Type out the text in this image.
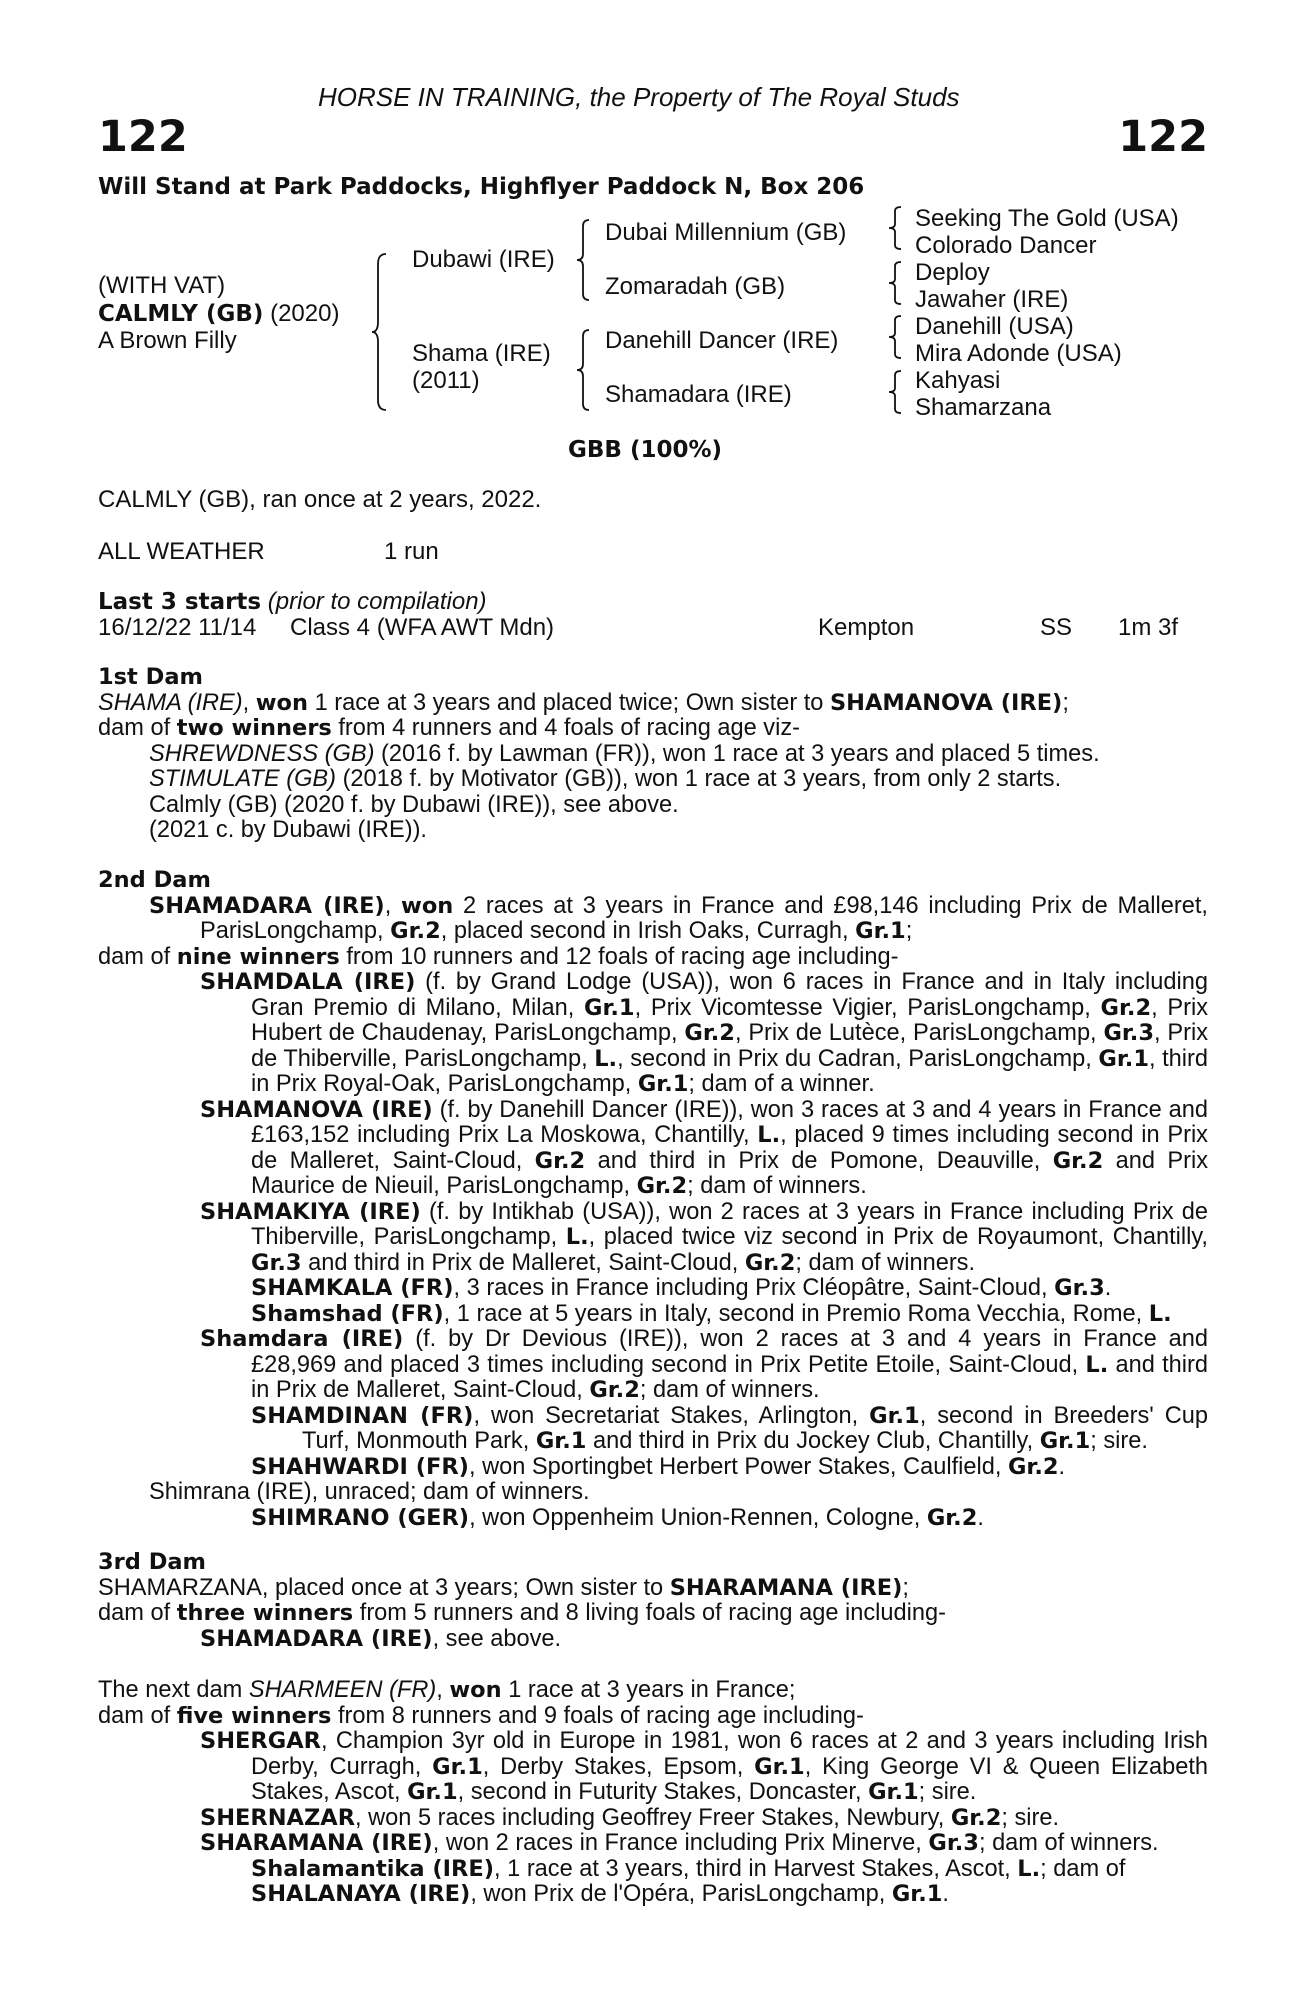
122	122
HORSE IN TRAINING, the Property of The Royal Studs
Will Stand at Park Paddocks, Highflyer Paddock N, Box 206
(WITH VAT)
CALMLY (GB) (2020)
A Brown Filly
Dubawi (IRE)
Shama (IRE)
(2011)
Dubai Millennium (GB)
Zomaradah (GB)
Danehill Dancer (IRE)
Shamadara (IRE)
Seeking The Gold (USA)
Colorado Dancer
Deploy
Jawaher (IRE)
Danehill (USA)
Mira Adonde (USA)
Kahyasi
Shamarzana
GBB (100%)
CALMLY (GB), ran once at 2 years, 2022.
ALL WEATHER	1 run
Last 3 starts (prior to compilation)
16/12/22 11/14 Class 4 (WFA AWT Mdn)	Kempton	SS 1m 3f

1st Dam

SHAMA (IRE), won 1 race at 3 years and placed twice; Own sister to SHAMANOVA (IRE);

dam of two winners from 4 runners and 4 foals of racing age viz-

SHREWDNESS (GB) (2016 f. by Lawman (FR)), won 1 race at 3 years and placed 5 times.

STIMULATE (GB) (2018 f. by Motivator (GB)), won 1 race at 3 years, from only 2 starts.

Calmly (GB) (2020 f. by Dubawi (IRE)), see above.

(2021 c. by Dubawi (IRE)).

2nd Dam

SHAMADARA (IRE), won 2 races at 3 years in France and £98,146 including Prix de Malleret, ParisLongchamp, Gr.2, placed second in Irish Oaks, Curragh, Gr.1;

dam of nine winners from 10 runners and 12 foals of racing age including-

SHAMDALA (IRE) (f. by Grand Lodge (USA)), won 6 races in France and in Italy including Gran Premio di Milano, Milan, Gr.1, Prix Vicomtesse Vigier, ParisLongchamp, Gr.2, Prix Hubert de Chaudenay, ParisLongchamp, Gr.2, Prix de Lutèce, ParisLongchamp, Gr.3, Prix de Thiberville, ParisLongchamp, L., second in Prix du Cadran, ParisLongchamp, Gr.1, third in Prix Royal-Oak, ParisLongchamp, Gr.1; dam of a winner.

SHAMANOVA (IRE) (f. by Danehill Dancer (IRE)), won 3 races at 3 and 4 years in France and £163,152 including Prix La Moskowa, Chantilly, L., placed 9 times including second in Prix de Malleret, Saint-Cloud, Gr.2 and third in Prix de Pomone, Deauville, Gr.2 and Prix Maurice de Nieuil, ParisLongchamp, Gr.2; dam of winners.

SHAMAKIYA (IRE) (f. by Intikhab (USA)), won 2 races at 3 years in France including Prix de Thiberville, ParisLongchamp, L., placed twice viz second in Prix de Royaumont, Chantilly, Gr.3 and third in Prix de Malleret, Saint-Cloud, Gr.2; dam of winners.

SHAMKALA (FR), 3 races in France including Prix Cléopâtre, Saint-Cloud, Gr.3.

Shamshad (FR), 1 race at 5 years in Italy, second in Premio Roma Vecchia, Rome, L.

Shamdara (IRE) (f. by Dr Devious (IRE)), won 2 races at 3 and 4 years in France and £28,969 and placed 3 times including second in Prix Petite Etoile, Saint-Cloud, L. and third in Prix de Malleret, Saint-Cloud, Gr.2; dam of winners.

SHAMDINAN (FR), won Secretariat Stakes, Arlington, Gr.1, second in Breeders' Cup Turf, Monmouth Park, Gr.1 and third in Prix du Jockey Club, Chantilly, Gr.1; sire.

SHAHWARDI (FR), won Sportingbet Herbert Power Stakes, Caulfield, Gr.2.

Shimrana (IRE), unraced; dam of winners.

SHIMRANO (GER), won Oppenheim Union-Rennen, Cologne, Gr.2.

3rd Dam

SHAMARZANA, placed once at 3 years; Own sister to SHARAMANA (IRE);

dam of three winners from 5 runners and 8 living foals of racing age including-

SHAMADARA (IRE), see above.

The next dam SHARMEEN (FR), won 1 race at 3 years in France;

dam of five winners from 8 runners and 9 foals of racing age including-

SHERGAR, Champion 3yr old in Europe in 1981, won 6 races at 2 and 3 years including Irish Derby, Curragh, Gr.1, Derby Stakes, Epsom, Gr.1, King George VI & Queen Elizabeth Stakes, Ascot, Gr.1, second in Futurity Stakes, Doncaster, Gr.1; sire.

SHERNAZAR, won 5 races including Geoffrey Freer Stakes, Newbury, Gr.2; sire.

SHARAMANA (IRE), won 2 races in France including Prix Minerve, Gr.3; dam of winners.

Shalamantika (IRE), 1 race at 3 years, third in Harvest Stakes, Ascot, L.; dam of

SHALANAYA (IRE), won Prix de l'Opéra, ParisLongchamp, Gr.1.
